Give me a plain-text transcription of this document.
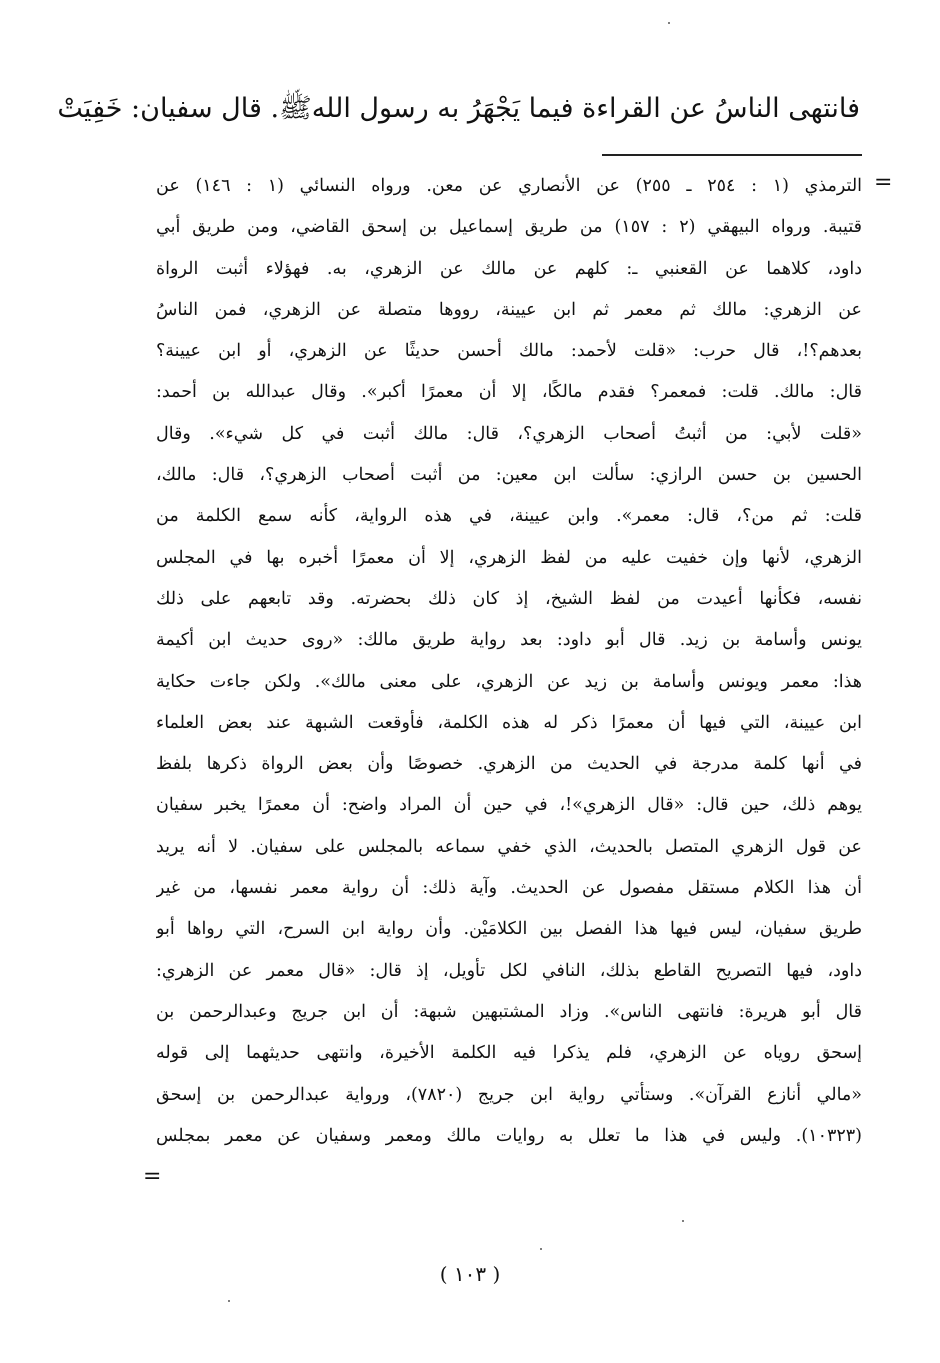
فانتهى الناسُ عن القراءة فيما يَجْهَرُ به رسول اللهﷺ. قال سفيان: خَفِيَتْ
=
الترمذي (١ : ٢٥٤ ـ ٢٥٥) عن الأنصاري عن معن. ورواه النسائي (١ : ١٤٦) عن
قتيبة. ورواه البيهقي (٢ : ١٥٧) من طريق إسماعيل بن إسحق القاضي، ومن طريق أبي
داود، كلاهما عن القعنبي ـ: كلهم عن مالك عن الزهري، به. فهؤلاء أثبت الرواة
عن الزهري: مالك ثم معمر ثم ابن عيينة، رووها متصلة عن الزهري، فمن الناسُ
بعدهم؟!، قال حرب: «قلت لأحمد: مالك أحسن حديثًا عن الزهري، أو ابن عيينة؟
قال: مالك. قلت: فمعمر؟ فقدم مالكًا، إلا أن معمرًا أكبر». وقال عبدالله بن أحمد:
«قلت لأبي: من أثبتُ أصحاب الزهري؟، قال: مالك أثبت في كل شيء». وقال
الحسين بن حسن الرازي: سألت ابن معين: من أثبت أصحاب الزهري؟، قال: مالك،
قلت: ثم من؟، قال: معمر». وابن عيينة، في هذه الرواية، كأنه سمع الكلمة من
الزهري، لأنها وإن خفيت عليه من لفظ الزهري، إلا أن معمرًا أخبره بها في المجلس
نفسه، فكأنها أعيدت من لفظ الشيخ، إذ كان ذلك بحضرته. وقد تابعهم على ذلك
يونس وأسامة بن زيد. قال أبو داود: بعد رواية طريق مالك: «روى حديث ابن أكيمة
هذا: معمر ويونس وأسامة بن زيد عن الزهري، على معنى مالك». ولكن جاءت حكاية
ابن عيينة، التي فيها أن معمرًا ذكر له هذه الكلمة، فأوقعت الشبهة عند بعض العلماء
في أنها كلمة مدرجة في الحديث من الزهري. خصوصًا وأن بعض الرواة ذكرها بلفظ
يوهم ذلك، حين قال: «قال الزهري»!، في حين أن المراد واضح: أن معمرًا يخبر سفيان
عن قول الزهري المتصل بالحديث، الذي خفي سماعه بالمجلس على سفيان. لا أنه يريد
أن هذا الكلام مستقل مفصول عن الحديث. وآية ذلك: أن رواية معمر نفسها، من غير
طريق سفيان، ليس فيها هذا الفصل بين الكلامَيْن. وأن رواية ابن السرح، التي رواها أبو
داود، فيها التصريح القاطع بذلك، النافي لكل تأويل، إذ قال: «قال معمر عن الزهري:
قال أبو هريرة: فانتهى الناس». وزاد المشتبهين شبهة: أن ابن جريج وعبدالرحمن بن
إسحق روياه عن الزهري، فلم يذكرا فيه الكلمة الأخيرة، وانتهى حديثهما إلى قوله
«مالي أنازع القرآن». وستأتي رواية ابن جريج (٧٨٢٠)، ورواية عبدالرحمن بن إسحق
(١٠٣٢٣). وليس في هذا ما تعلل به روايات مالك ومعمر وسفيان عن معمر بمجلس
=
( ١٠٣ )
